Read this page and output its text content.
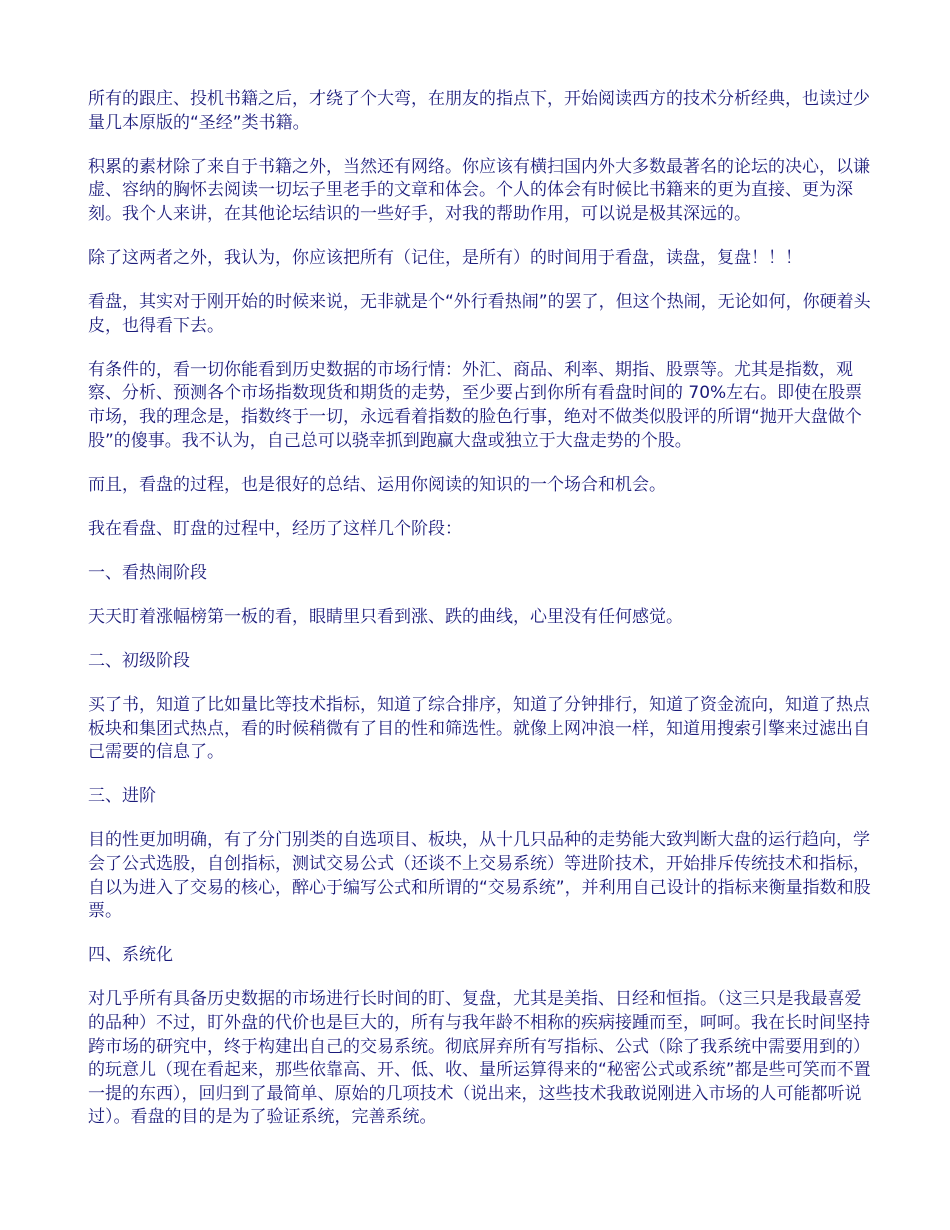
所有的跟庄、投机书籍之后，才绕了个大弯，在朋友的指点下，开始阅读西方的技术分析经典，也读过少量几本原版的“圣经”类书籍。

积累的素材除了来自于书籍之外，当然还有网络。你应该有横扫国内外大多数最著名的论坛的决心，以谦虚、容纳的胸怀去阅读一切坛子里老手的文章和体会。个人的体会有时候比书籍来的更为直接、更为深刻。我个人来讲，在其他论坛结识的一些好手，对我的帮助作用，可以说是极其深远的。

除了这两者之外，我认为，你应该把所有（记住，是所有）的时间用于看盘，读盘，复盘！！！

看盘，其实对于刚开始的时候来说，无非就是个“外行看热闹”的罢了，但这个热闹，无论如何，你硬着头皮，也得看下去。

有条件的，看一切你能看到历史数据的市场行情：外汇、商品、利率、期指、股票等。尤其是指数，观察、分析、预测各个市场指数现货和期货的走势，至少要占到你所有看盘时间的 70%左右。即使在股票市场，我的理念是，指数终于一切，永远看着指数的脸色行事，绝对不做类似股评的所谓“抛开大盘做个股”的傻事。我不认为，自己总可以骁幸抓到跑赢大盘或独立于大盘走势的个股。

而且，看盘的过程，也是很好的总结、运用你阅读的知识的一个场合和机会。

我在看盘、盯盘的过程中，经历了这样几个阶段：

一、看热闹阶段

天天盯着涨幅榜第一板的看，眼睛里只看到涨、跌的曲线，心里没有任何感觉。

二、初级阶段

买了书，知道了比如量比等技术指标，知道了综合排序，知道了分钟排行，知道了资金流向，知道了热点板块和集团式热点，看的时候稍微有了目的性和筛选性。就像上网冲浪一样，知道用搜索引擎来过滤出自己需要的信息了。

三、进阶

目的性更加明确，有了分门别类的自选项目、板块，从十几只品种的走势能大致判断大盘的运行趋向，学会了公式选股，自创指标，测试交易公式（还谈不上交易系统）等进阶技术，开始排斥传统技术和指标，自以为进入了交易的核心，醉心于编写公式和所谓的“交易系统”，并利用自己设计的指标来衡量指数和股票。

四、系统化

对几乎所有具备历史数据的市场进行长时间的盯、复盘，尤其是美指、日经和恒指。（这三只是我最喜爱的品种）不过，盯外盘的代价也是巨大的，所有与我年龄不相称的疾病接踵而至，呵呵。我在长时间坚持跨市场的研究中，终于构建出自己的交易系统。彻底屏弃所有写指标、公式（除了我系统中需要用到的）的玩意儿（现在看起来，那些依靠高、开、低、收、量所运算得来的“秘密公式或系统”都是些可笑而不置一提的东西），回归到了最简单、原始的几项技术（说出来，这些技术我敢说刚进入市场的人可能都听说过）。看盘的目的是为了验证系统，完善系统。
